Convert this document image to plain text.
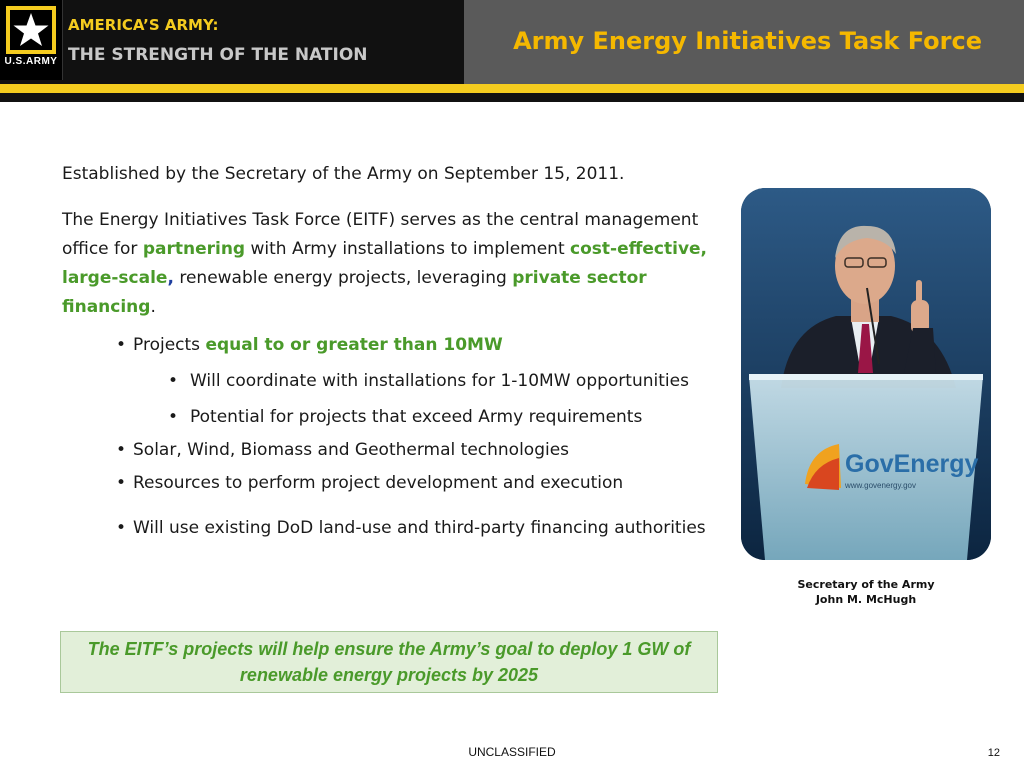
U.S.ARMY
AMERICA’S ARMY:
THE STRENGTH OF THE NATION	Army Energy Initiatives Task Force

Established by the Secretary of the Army on September 15, 2011.

The Energy Initiatives Task Force (EITF) serves as the central management office for partnering with Army installations to implement cost-effective, large-scale, renewable energy projects, leveraging private sector financing.

• Projects equal to or greater than 10MW
• Will coordinate with installations for 1-10MW opportunities
• Potential for projects that exceed Army requirements
• Solar, Wind, Biomass and Geothermal technologies
• Resources to perform project development and execution
• Will use existing DoD land-use and third-party financing authorities
The EITF’s projects will help ensure the Army’s goal to deploy 1 GW of renewable energy projects by 2025
GovEnergy
www.govenergy.gov
Secretary of the Army
John M. McHugh
UNCLASSIFIED	12
